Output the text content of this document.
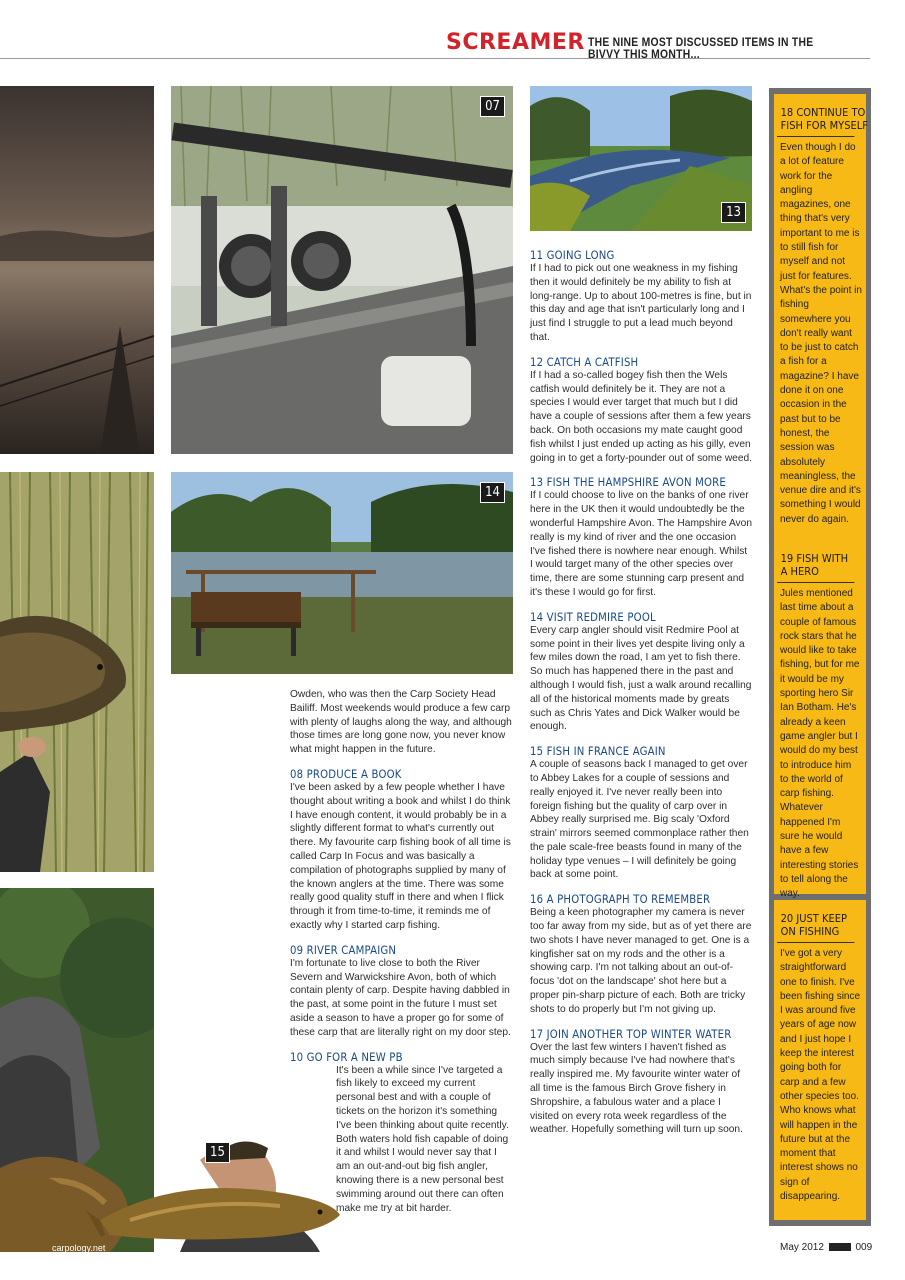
SCREAMER THE NINE MOST DISCUSSED ITEMS IN THE BIVVY THIS MONTH...
07
14
13
15

Owden, who was then the Carp Society Head Bailiff. Most weekends would produce a few carp with plenty of laughs along the way, and although those times are long gone now, you never know what might happen in the future.

08 PRODUCE A BOOK

I've been asked by a few people whether I have thought about writing a book and whilst I do think I have enough content, it would probably be in a slightly different format to what's currently out there. My favourite carp fishing book of all time is called Carp In Focus and was basically a compilation of photographs supplied by many of the known anglers at the time. There was some really good quality stuff in there and when I flick through it from time-to-time, it reminds me of exactly why I started carp fishing.

09 RIVER CAMPAIGN

I'm fortunate to live close to both the River Severn and Warwickshire Avon, both of which contain plenty of carp. Despite having dabbled in the past, at some point in the future I must set aside a season to have a proper go for some of these carp that are literally right on my door step.

10 GO FOR A NEW PB

It's been a while since I've targeted a fish likely to exceed my current personal best and with a couple of tickets on the horizon it's something I've been thinking about quite recently. Both waters hold fish capable of doing it and whilst I would never say that I am an out-and-out big fish angler, knowing there is a new personal best swimming around out there can often make me try at bit harder.

11 GOING LONG

If I had to pick out one weakness in my fishing then it would definitely be my ability to fish at long-range. Up to about 100-metres is fine, but in this day and age that isn't particularly long and I just find I struggle to put a lead much beyond that.

12 CATCH A CATFISH

If I had a so-called bogey fish then the Wels catfish would definitely be it. They are not a species I would ever target that much but I did have a couple of sessions after them a few years back. On both occasions my mate caught good fish whilst I just ended up acting as his gilly, even going in to get a forty-pounder out of some weed.

13 FISH THE HAMPSHIRE AVON MORE

If I could choose to live on the banks of one river here in the UK then it would undoubtedly be the wonderful Hampshire Avon. The Hampshire Avon really is my kind of river and the one occasion I've fished there is nowhere near enough. Whilst I would target many of the other species over time, there are some stunning carp present and it's these I would go for first.

14 VISIT REDMIRE POOL

Every carp angler should visit Redmire Pool at some point in their lives yet despite living only a few miles down the road, I am yet to fish there. So much has happened there in the past and although I would fish, just a walk around recalling all of the historical moments made by greats such as Chris Yates and Dick Walker would be enough.

15 FISH IN FRANCE AGAIN

A couple of seasons back I managed to get over to Abbey Lakes for a couple of sessions and really enjoyed it. I've never really been into foreign fishing but the quality of carp over in Abbey really surprised me. Big scaly 'Oxford strain' mirrors seemed commonplace rather then the pale scale-free beasts found in many of the holiday type venues – I will definitely be going back at some point.

16 A PHOTOGRAPH TO REMEMBER

Being a keen photographer my camera is never too far away from my side, but as of yet there are two shots I have never managed to get. One is a kingfisher sat on my rods and the other is a showing carp. I'm not talking about an out-of-focus 'dot on the landscape' shot here but a proper pin-sharp picture of each. Both are tricky shots to do properly but I'm not giving up.

17 JOIN ANOTHER TOP WINTER WATER

Over the last few winters I haven't fished as much simply because I've had nowhere that's really inspired me. My favourite winter water of all time is the famous Birch Grove fishery in Shropshire, a fabulous water and a place I visited on every rota week regardless of the weather. Hopefully something will turn up soon.

18 CONTINUE TO
FISH FOR MYSELF

Even though I do a lot of feature work for the angling magazines, one thing that's very important to me is to still fish for myself and not just for features. What's the point in fishing somewhere you don't really want to be just to catch a fish for a magazine? I have done it on one occasion in the past but to be honest, the session was absolutely meaningless, the venue dire and it's something I would never do again.

19 FISH WITH
A HERO

Jules mentioned last time about a couple of famous rock stars that he would like to take fishing, but for me it would be my sporting hero Sir Ian Botham. He's already a keen game angler but I would do my best to introduce him to the world of carp fishing. Whatever happened I'm sure he would have a few interesting stories to tell along the way.

20 JUST KEEP
ON FISHING

I've got a very straightforward one to finish. I've been fishing since I was around five years of age now and I just hope I keep the interest going both for carp and a few other species too. Who knows what will happen in the future but at the moment that interest shows no sign of disappearing.

carpology.net	May 2012	009
